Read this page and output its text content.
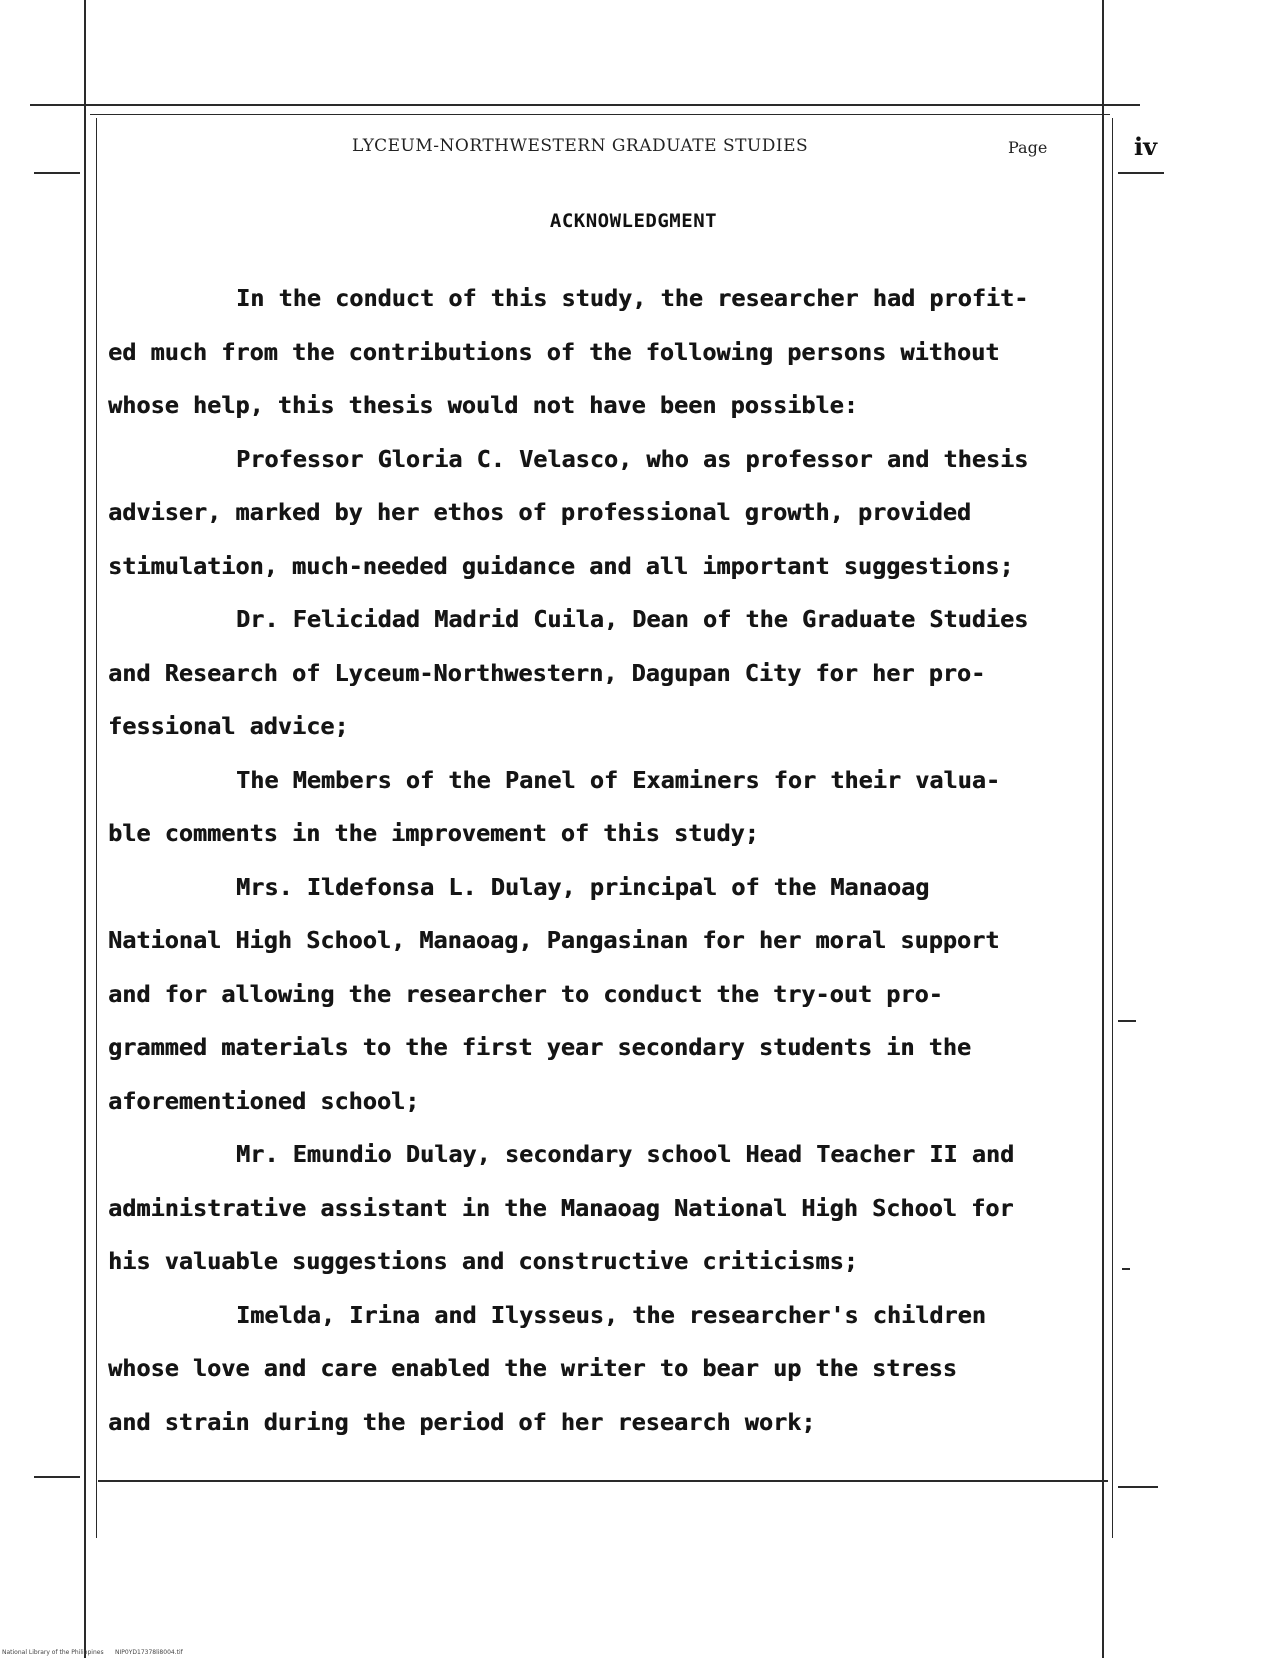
LYCEUM-NORTHWESTERN GRADUATE STUDIES	Page	iv
ACKNOWLEDGMENT
In the conduct of this study, the researcher had profit-
ed much from the contributions of the following persons without
whose help, this thesis would not have been possible:
Professor Gloria C. Velasco, who as professor and thesis
adviser, marked by her ethos of professional growth, provided
stimulation, much-needed guidance and all important suggestions;
Dr. Felicidad Madrid Cuila, Dean of the Graduate Studies
and Research of Lyceum-Northwestern, Dagupan City for her pro-
fessional advice;
The Members of the Panel of Examiners for their valua-
ble comments in the improvement of this study;
Mrs. Ildefonsa L. Dulay, principal of the Manaoag
National High School, Manaoag, Pangasinan for her moral support
and for allowing the researcher to conduct the try-out pro-
grammed materials to the first year secondary students in the
aforementioned school;
Mr. Emundio Dulay, secondary school Head Teacher II and
administrative assistant in the Manaoag National High School for
his valuable suggestions and constructive criticisms;
Imelda, Irina and Ilysseus, the researcher's children
whose love and care enabled the writer to bear up the stress
and strain during the period of her research work;
National Library of the Philippines NIP0YD17378li8004.tif
